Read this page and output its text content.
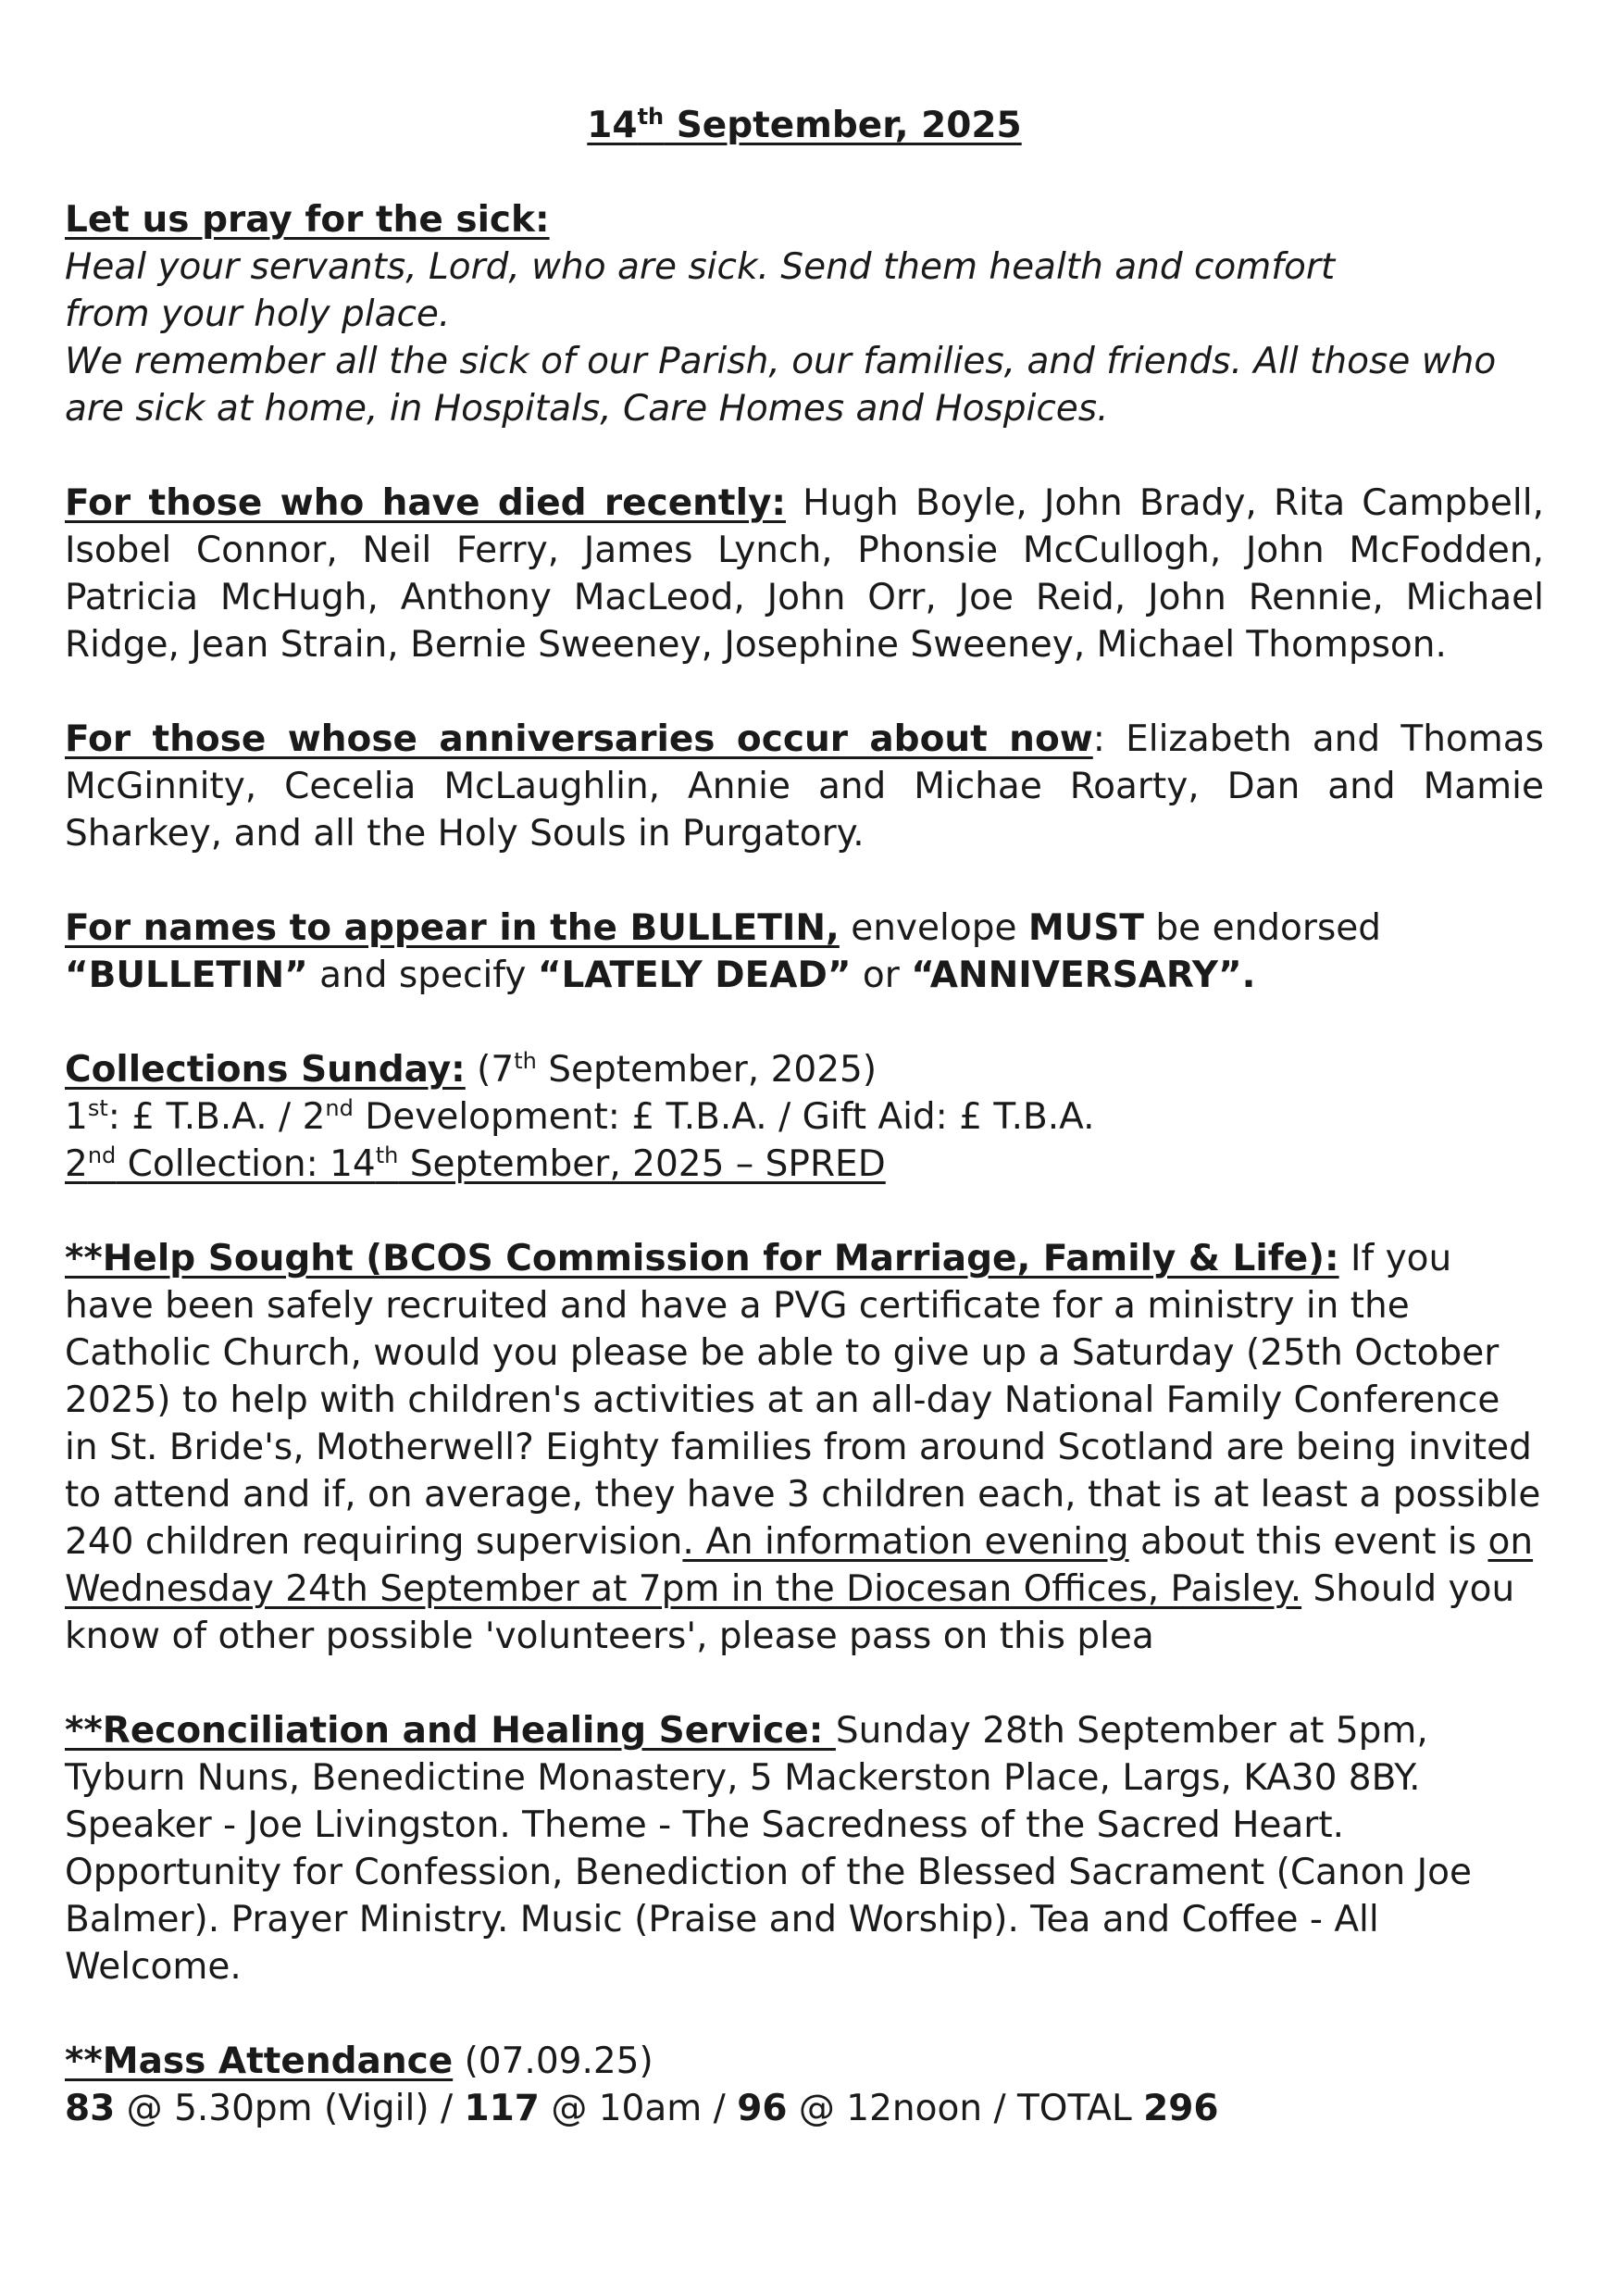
14th September, 2025

Let us pray for the sick:

Heal your servants, Lord, who are sick. Send them health and comfort

from your holy place.

We remember all the sick of our Parish, our families, and friends. All those who are sick at home, in Hospitals, Care Homes and Hospices.

For those who have died recently: Hugh Boyle, John Brady, Rita Campbell, Isobel Connor, Neil Ferry, James Lynch, Phonsie McCullogh, John McFodden, Patricia McHugh, Anthony MacLeod, John Orr, Joe Reid, John Rennie, Michael Ridge, Jean Strain, Bernie Sweeney, Josephine Sweeney, Michael Thompson.
For those whose anniversaries occur about now: Elizabeth and Thomas McGinnity, Cecelia McLaughlin, Annie and Michae Roarty, Dan and Mamie Sharkey, and all the Holy Souls in Purgatory.
For names to appear in the BULLETIN, envelope MUST be endorsed “BULLETIN” and specify “LATELY DEAD” or “ANNIVERSARY”.

Collections Sunday: (7th September, 2025)

1st: £ T.B.A. / 2nd Development: £ T.B.A. / Gift Aid: £ T.B.A.

2nd Collection: 14th September, 2025 – SPRED

**Help Sought (BCOS Commission for Marriage, Family & Life): If you have been safely recruited and have a PVG certificate for a ministry in the Catholic Church, would you please be able to give up a Saturday (25th October 2025) to help with children's activities at an all-day National Family Conference in St. Bride's, Motherwell? Eighty families from around Scotland are being invited to attend and if, on average, they have 3 children each, that is at least a possible 240 children requiring supervision. An information evening about this event is on Wednesday 24th September at 7pm in the Diocesan Offices, Paisley. Should you know of other possible 'volunteers', please pass on this plea
**Reconciliation and Healing Service: Sunday 28th September at 5pm, Tyburn Nuns, Benedictine Monastery, 5 Mackerston Place, Largs, KA30 8BY. Speaker - Joe Livingston. Theme - The Sacredness of the Sacred Heart. Opportunity for Confession, Benediction of the Blessed Sacrament (Canon Joe Balmer). Prayer Ministry. Music (Praise and Worship). Tea and Coffee - All Welcome.

**Mass Attendance (07.09.25)

83 @ 5.30pm (Vigil) / 117 @ 10am / 96 @ 12noon / TOTAL 296
